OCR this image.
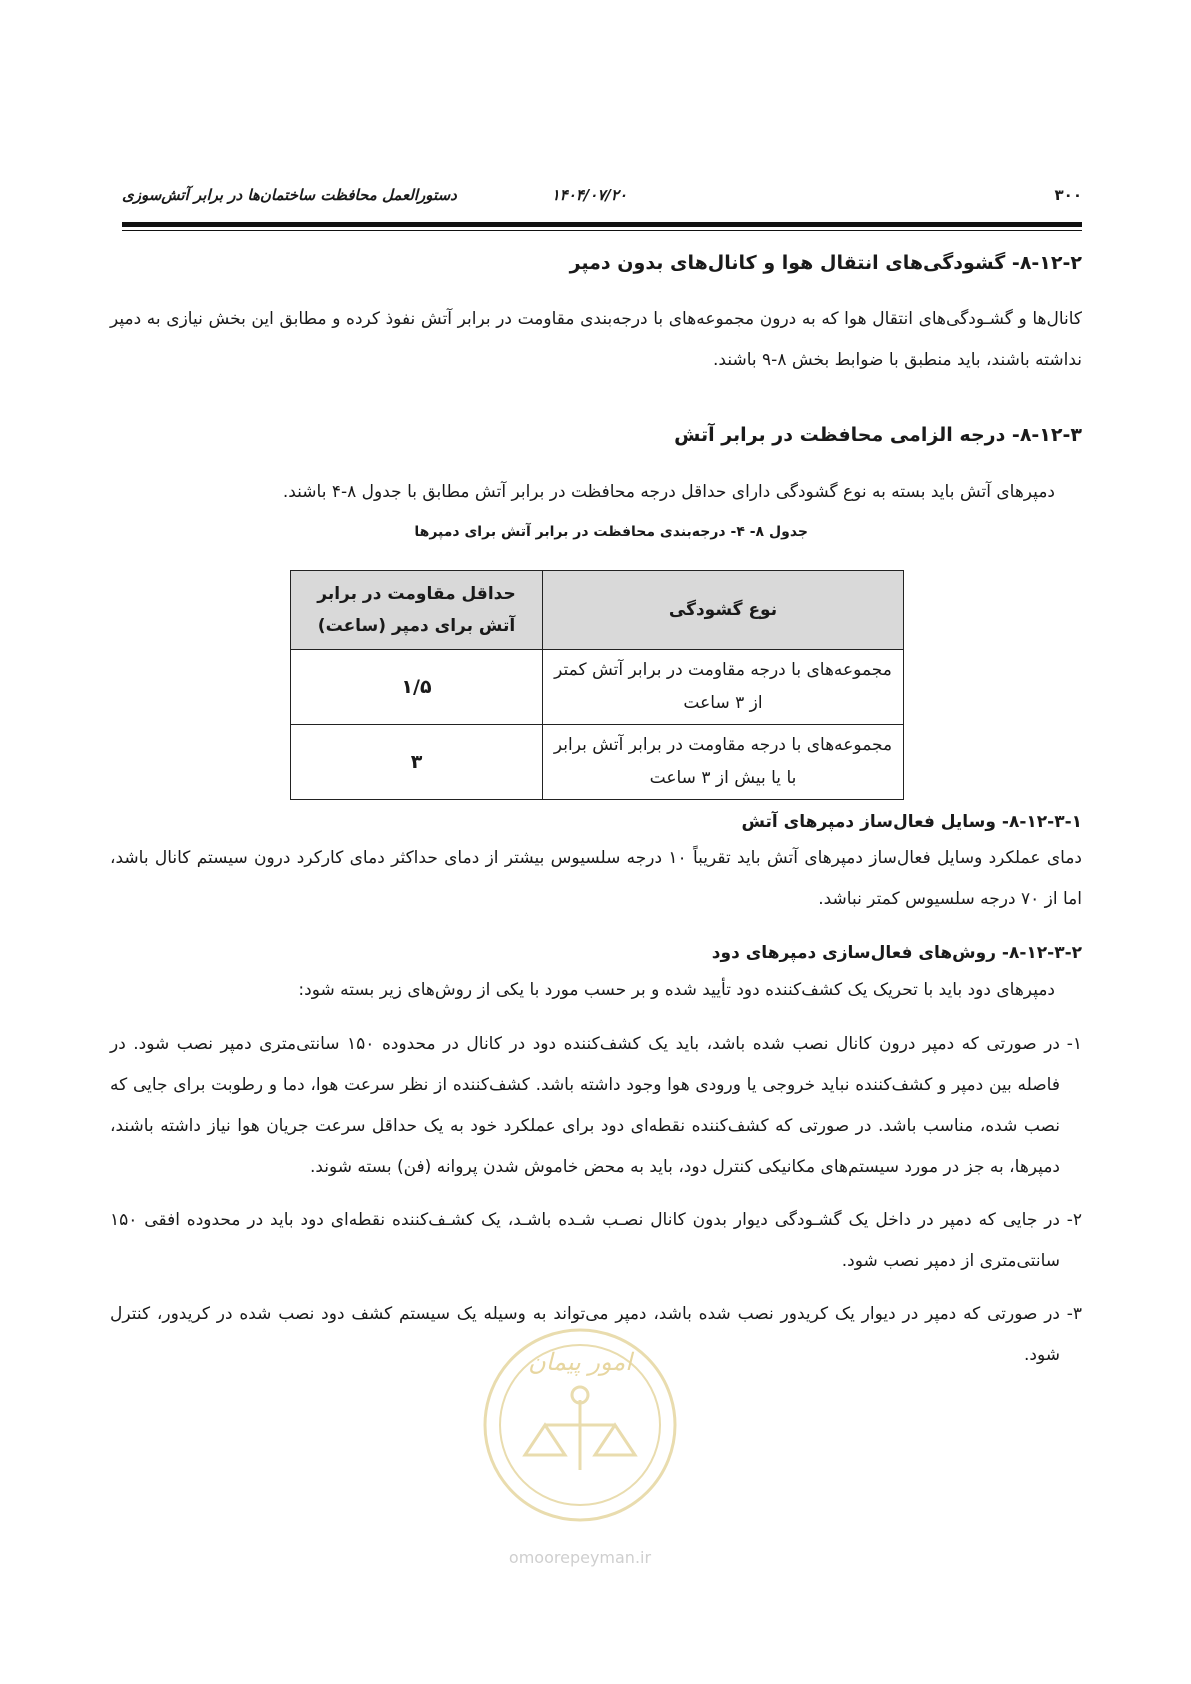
۳۰۰
۱۴۰۴/۰۷/۲۰
دستورالعمل محافظت ساختمان‌ها در برابر آتش‌سوزی
۸-۱۲-۲- گشودگی‌های انتقال هوا و کانال‌های بدون دمپر

کانال‌ها و گشـودگی‌های انتقال هوا که به درون مجموعه‌های با درجه‌بندی مقاومت در برابر آتش نفوذ کرده و مطابق این بخش نیازی به دمپر نداشته باشند، باید منطبق با ضوابط بخش ۸-۹ باشند.

۸-۱۲-۳- درجه الزامی محافظت در برابر آتش

دمپرهای آتش باید بسته به نوع گشودگی دارای حداقل درجه محافظت در برابر آتش مطابق با جدول ۸-۴ باشند.

جدول ۸- ۴- درجه‌بندی محافظت در برابر آتش برای دمپرها
نوع گشودگی	حداقل مقاومت در برابر آتش برای دمپر (ساعت)
مجموعه‌های با درجه مقاومت در برابر آتش کمتر از ۳ ساعت	۱/۵
مجموعه‌های با درجه مقاومت در برابر آتش برابر با یا بیش از ۳ ساعت	۳
۸-۱۲-۳-۱- وسایل فعال‌ساز دمپرهای آتش

دمای عملکرد وسایل فعال‌ساز دمپرهای آتش باید تقریباً ۱۰ درجه سلسیوس بیشتر از دمای حداکثر دمای کارکرد درون سیستم کانال باشد، اما از ۷۰ درجه سلسیوس کمتر نباشد.

۸-۱۲-۳-۲- روش‌های فعال‌سازی دمپرهای دود

دمپرهای دود باید با تحریک یک کشف‌کننده دود تأیید شده و بر حسب مورد با یکی از روش‌های زیر بسته شود:

۱-

در صورتی که دمپر درون کانال نصب شده باشد، باید یک کشف‌کننده دود در کانال در محدوده ۱۵۰ سانتی‌متری دمپر نصب شود. در فاصله بین دمپر و کشف‌کننده نباید خروجی یا ورودی هوا وجود داشته باشد. کشف‌کننده از نظر سرعت هوا، دما و رطوبت برای جایی که نصب شده، مناسب باشد. در صورتی که کشف‌کننده نقطه‌ای دود برای عملکرد خود به یک حداقل سرعت جریان هوا نیاز داشته باشند، دمپرها، به جز در مورد سیستم‌های مکانیکی کنترل دود، باید به محض خاموش شدن پروانه (فن) بسته شوند.

۲-

در جایی که دمپر در داخل یک گشـودگی دیوار بدون کانال نصـب شـده باشـد، یک کشـف‌کننده نقطه‌ای دود باید در محدوده افقی ۱۵۰ سانتی‌متری از دمپر نصب شود.

۳-

در صورتی که دمپر در دیوار یک کریدور نصب شده باشد، دمپر می‌تواند به وسیله یک سیستم کشف دود نصب شده در کریدور، کنترل شود.

امور پیمان
omoorepeyman.ir
